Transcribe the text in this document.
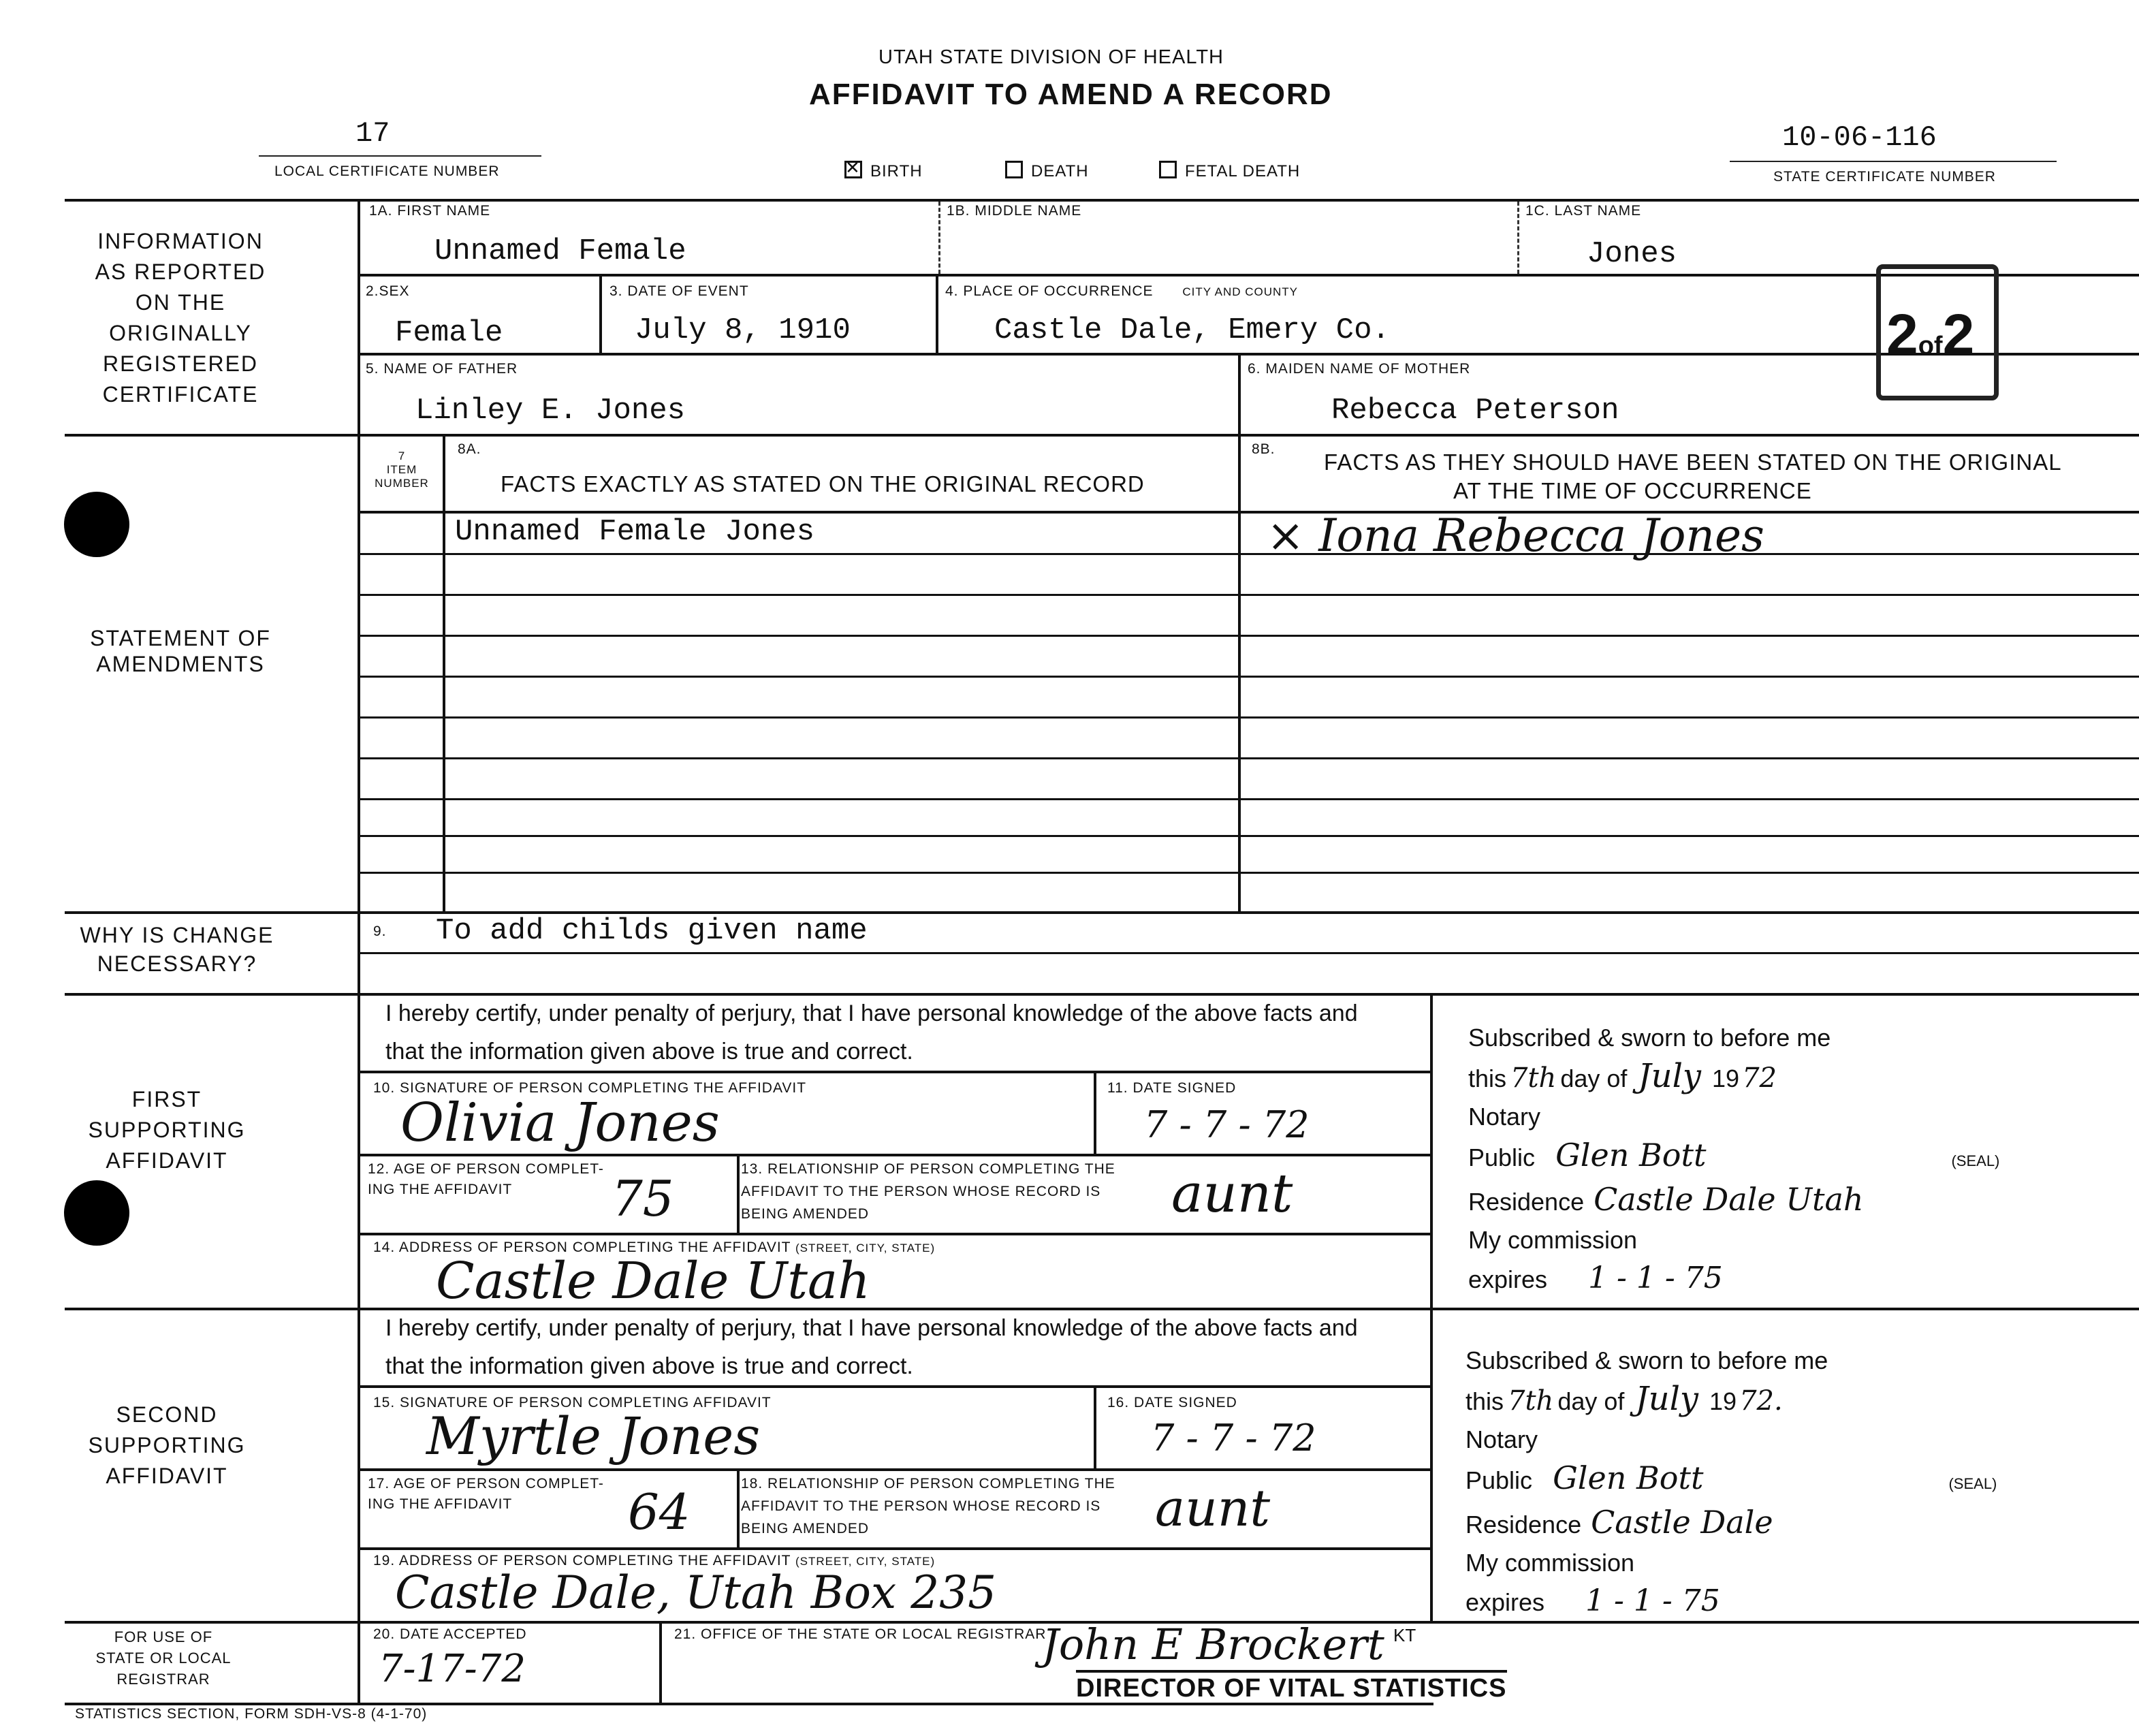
UTAH STATE DIVISION OF HEALTH
AFFIDAVIT TO AMEND A RECORD
17
LOCAL CERTIFICATE NUMBER
10-06-116
STATE CERTIFICATE NUMBER
✕ BIRTH	DEATH	FETAL DEATH
INFORMATION AS REPORTED ON THE ORIGINALLY REGISTERED CERTIFICATE
STATEMENT OF AMENDMENTS
WHY IS CHANGE NECESSARY?
FIRST SUPPORTING AFFIDAVIT
SECOND SUPPORTING AFFIDAVIT
FOR USE OF STATE OR LOCAL REGISTRAR
1A. FIRST NAME
Unnamed Female
1B. MIDDLE NAME	1C. LAST NAME
Jones
2.SEX
Female
3. DATE OF EVENT
July 8, 1910
4. PLACE OF OCCURRENCE	CITY AND COUNTY
Castle Dale, Emery Co.
5. NAME OF FATHER
Linley E. Jones
6. MAIDEN NAME OF MOTHER
Rebecca Peterson
2of2
7
ITEM NUMBER
8A.
FACTS EXACTLY AS STATED ON THE ORIGINAL RECORD
8B.
FACTS AS THEY SHOULD HAVE BEEN STATED ON THE ORIGINAL
AT THE TIME OF OCCURRENCE
Unnamed Female Jones	× Iona Rebecca Jones
9. To add childs given name
I hereby certify, under penalty of perjury, that I have personal knowledge of the above facts and that the information given above is true and correct.
10. SIGNATURE OF PERSON COMPLETING THE AFFIDAVIT
Olivia Jones
11. DATE SIGNED
7 - 7 - 72
12. AGE OF PERSON COMPLET-
ING THE AFFIDAVIT	75
13. RELATIONSHIP OF PERSON COMPLETING THE
AFFIDAVIT TO THE PERSON WHOSE RECORD IS
BEING AMENDED	aunt
14. ADDRESS OF PERSON COMPLETING THE AFFIDAVIT (STREET, CITY, STATE)
Castle Dale Utah
Subscribed & sworn to before me
this 7th day of July 19 72
Notary
Public Glen Bott	(SEAL)
Residence Castle Dale Utah
My commission
expires 1 - 1 - 75
I hereby certify, under penalty of perjury, that I have personal knowledge of the above facts and that the information given above is true and correct.
15. SIGNATURE OF PERSON COMPLETING AFFIDAVIT
Myrtle Jones
16. DATE SIGNED
7 - 7 - 72
17. AGE OF PERSON COMPLET-
ING THE AFFIDAVIT	64	18. RELATIONSHIP OF PERSON COMPLETING THE
AFFIDAVIT TO THE PERSON WHOSE RECORD IS
BEING AMENDED	aunt
19. ADDRESS OF PERSON COMPLETING THE AFFIDAVIT (STREET, CITY, STATE)
Castle Dale, Utah Box 235
Subscribed & sworn to before me
this 7th day of July 19 72.
Notary
Public Glen Bott	(SEAL)
Residence Castle Dale
My commission
expires 1 - 1 - 75
20. DATE ACCEPTED
7-17-72
21. OFFICE OF THE STATE OR LOCAL REGISTRAR
John E Brockert KT
DIRECTOR OF VITAL STATISTICS
STATISTICS SECTION, FORM SDH-VS-8 (4-1-70)
